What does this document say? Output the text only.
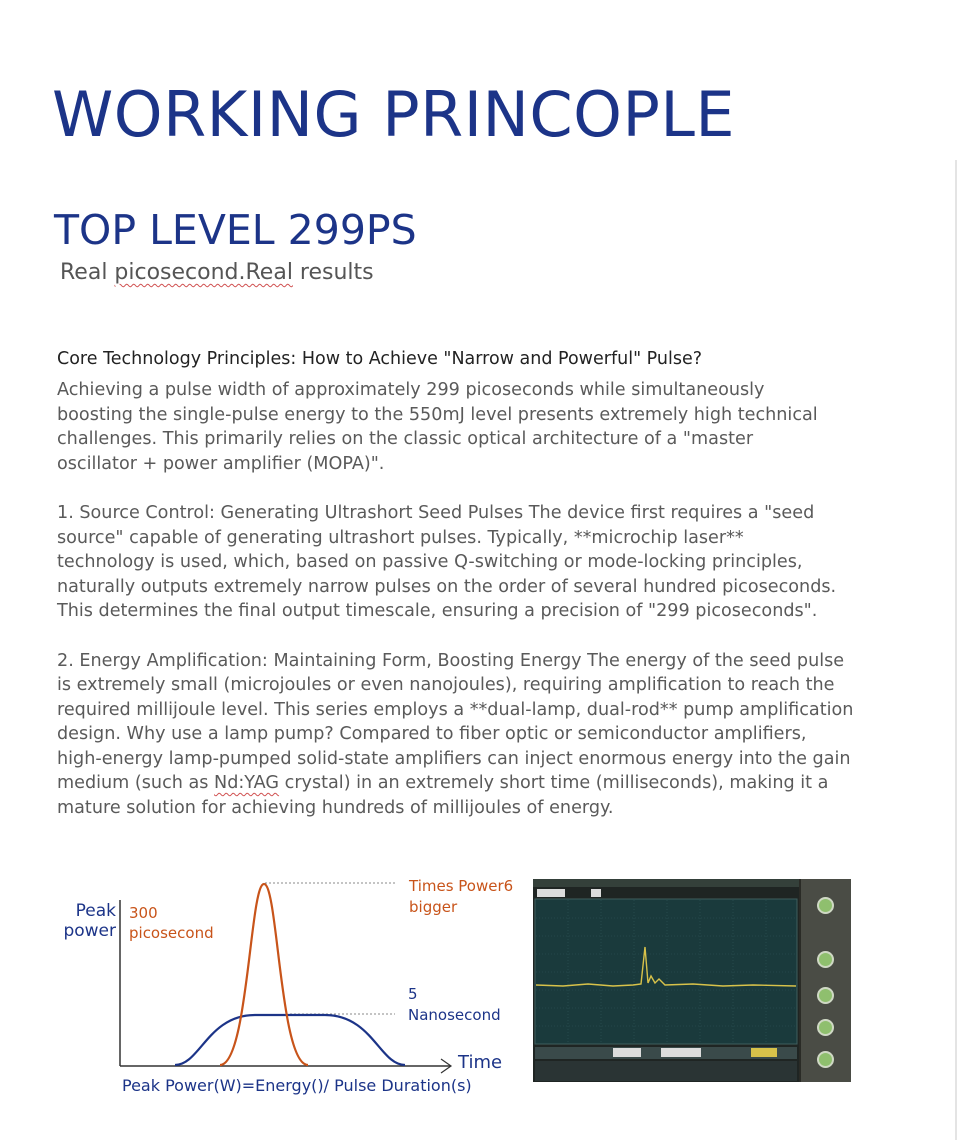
WORKING PRINCOPLE
TOP LEVEL 299PS
Real picosecond.Real results
Core Technology Principles: How to Achieve "Narrow and Powerful" Pulse?

Achieving a pulse width of approximately 299 picoseconds while simultaneously
boosting the single-pulse energy to the 550mJ level presents extremely high technical
challenges. This primarily relies on the classic optical architecture of a "master
oscillator + power amplifier (MOPA)".

1. Source Control: Generating Ultrashort Seed Pulses The device first requires a "seed
source" capable of generating ultrashort pulses. Typically, **microchip laser**
technology is used, which, based on passive Q-switching or mode-locking principles,
naturally outputs extremely narrow pulses on the order of several hundred picoseconds.
This determines the final output timescale, ensuring a precision of "299 picoseconds".

2. Energy Amplification: Maintaining Form, Boosting Energy The energy of the seed pulse
is extremely small (microjoules or even nanojoules), requiring amplification to reach the
required millijoule level. This series employs a **dual-lamp, dual-rod** pump amplification
design. Why use a lamp pump? Compared to fiber optic or semiconductor amplifiers,
high-energy lamp-pumped solid-state amplifiers can inject enormous energy into the gain
medium (such as Nd:YAG crystal) in an extremely short time (milliseconds), making it a
mature solution for achieving hundreds of millijoules of energy.

Peak
power
300
picosecond
Times Power6
bigger
5
Nanosecond
Time
Peak Power(W)=Energy()/ Pulse Duration(s)
